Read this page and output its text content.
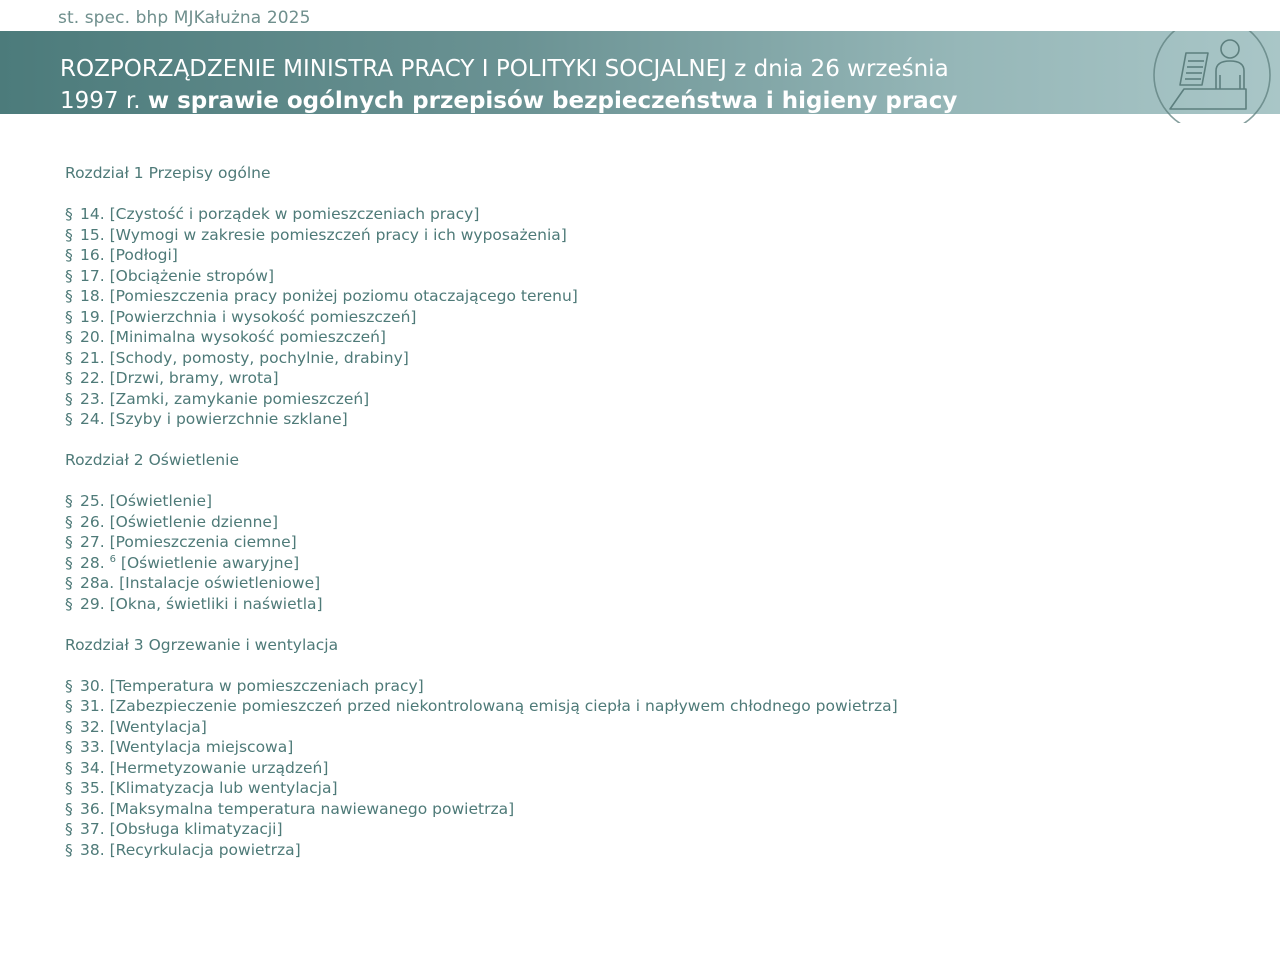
st. spec. bhp MJKałużna 2025
ROZPORZĄDZENIE MINISTRA PRACY I POLITYKI SOCJALNEJ z dnia 26 września
1997 r. w sprawie ogólnych przepisów bezpieczeństwa i higieny pracy
Rozdział 1 Przepisy ogólne
§ 14. [Czystość i porządek w pomieszczeniach pracy]
§ 15. [Wymogi w zakresie pomieszczeń pracy i ich wyposażenia]
§ 16. [Podłogi]
§ 17. [Obciążenie stropów]
§ 18. [Pomieszczenia pracy poniżej poziomu otaczającego terenu]
§ 19. [Powierzchnia i wysokość pomieszczeń]
§ 20. [Minimalna wysokość pomieszczeń]
§ 21. [Schody, pomosty, pochylnie, drabiny]
§ 22. [Drzwi, bramy, wrota]
§ 23. [Zamki, zamykanie pomieszczeń]
§ 24. [Szyby i powierzchnie szklane]
Rozdział 2 Oświetlenie
§ 25. [Oświetlenie]
§ 26. [Oświetlenie dzienne]
§ 27. [Pomieszczenia ciemne]
§ 28. $^6$ [Oświetlenie awaryjne]
§ 28a. [Instalacje oświetleniowe]
§ 29. [Okna, świetliki i naświetla]
Rozdział 3 Ogrzewanie i wentylacja
§ 30. [Temperatura w pomieszczeniach pracy]
§ 31. [Zabezpieczenie pomieszczeń przed niekontrolowaną emisją ciepła i napływem chłodnego powietrza]
§ 32. [Wentylacja]
§ 33. [Wentylacja miejscowa]
§ 34. [Hermetyzowanie urządzeń]
§ 35. [Klimatyzacja lub wentylacja]
§ 36. [Maksymalna temperatura nawiewanego powietrza]
§ 37. [Obsługa klimatyzacji]
§ 38. [Recyrkulacja powietrza]
